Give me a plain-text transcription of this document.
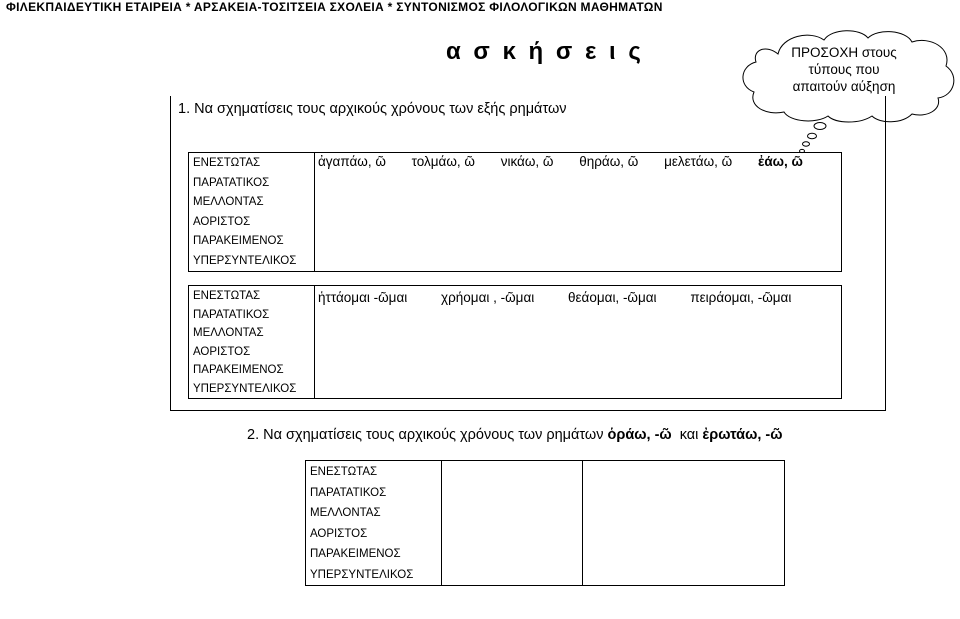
ΦΙΛΕΚΠΑΙΔΕΥΤΙΚΗ ΕΤΑΙΡΕΙΑ * ΑΡΣΑΚΕΙΑ-ΤΟΣΙΤΣΕΙΑ ΣΧΟΛΕΙΑ * ΣΥΝΤΟΝΙΣΜΟΣ ΦΙΛΟΛΟΓΙΚΩΝ ΜΑΘΗΜΑΤΩΝ
α σ κ ή σ ε ι ς	ΠΡΟΣΟΧΗ στους
τύπους που
απαιτούν αύξηση
1. Να σχηματίσεις τους αρχικούς χρόνους των εξής ρημάτων
ΕΝΕΣΤΩΤΑΣ
ΠΑΡΑΤΑΤΙΚΟΣ
ΜΕΛΛΟΝΤΑΣ
ΑΟΡΙΣΤΟΣ
ΠΑΡΑΚΕΙΜΕΝΟΣ
ΥΠΕΡΣΥΝΤΕΛΙΚΟΣ
	ἀγαπάω, ῶ τολμάω, ῶ νικάω, ῶ θηράω, ῶ μελετάω, ῶ ἐάω, ῶ
ΕΝΕΣΤΩΤΑΣ
ΠΑΡΑΤΑΤΙΚΟΣ
ΜΕΛΛΟΝΤΑΣ
ΑΟΡΙΣΤΟΣ
ΠΑΡΑΚΕΙΜΕΝΟΣ
ΥΠΕΡΣΥΝΤΕΛΙΚΟΣ
	ἡττάομαι -ῶμαι	χρήομαι , -ῶμαι	θεάομαι, -ῶμαι	πειράομαι, -ῶμαι
2. Να σχηματίσεις τους αρχικούς χρόνους των ρημάτων ὁράω, -ῶ  και ἐρωτάω, -ῶ
ΕΝΕΣΤΩΤΑΣ
ΠΑΡΑΤΑΤΙΚΟΣ
ΜΕΛΛΟΝΤΑΣ
ΑΟΡΙΣΤΟΣ
ΠΑΡΑΚΕΙΜΕΝΟΣ
ΥΠΕΡΣΥΝΤΕΛΙΚΟΣ
